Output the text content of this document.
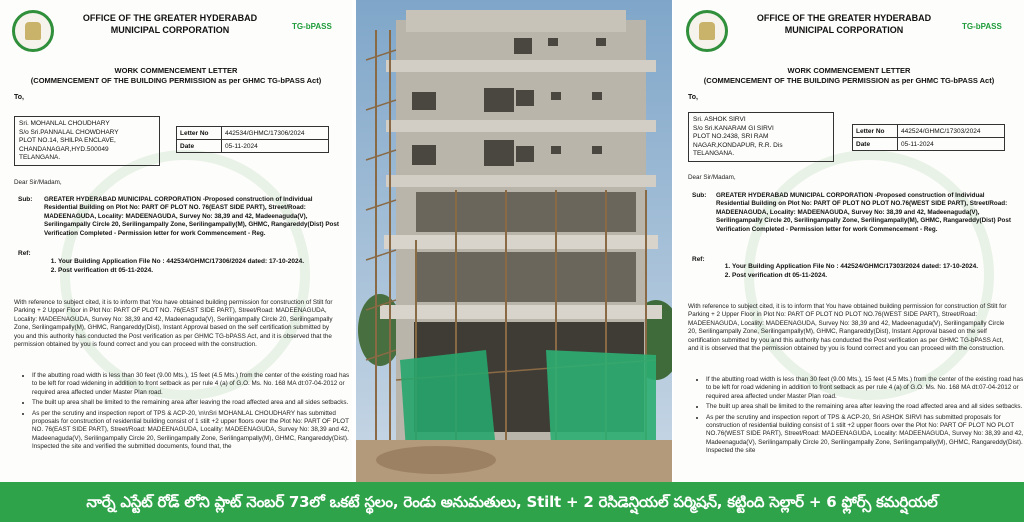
OFFICE OF THE GREATER HYDERABAD MUNICIPAL CORPORATION	TG-bPASS
WORK COMMENCEMENT LETTER
(COMMENCEMENT OF THE BUILDING PERMISSION as per GHMC TG-bPASS Act)
To,
Sri. MOHANLAL CHOUDHARY
S/o Sri.PANNALAL CHOWDHARY
PLOT NO.14, SHILPA ENCLAVE,
CHANDANAGAR,HYD.500049
TELANGANA.
Letter No	442534/GHMC/17306/2024
Date	05-11-2024
Dear Sir/Madam,
Sub: GREATER HYDERABAD MUNICIPAL CORPORATION -Proposed construction of Individual Residential Building on Plot No: PART OF PLOT NO. 76(EAST SIDE PART), Street/Road: MADEENAGUDA, Locality: MADEENAGUDA, Survey No: 38,39 and 42, Madeenaguda(V), Serilingampally Circle 20, Serilingampally Zone, Serilingampally(M), GHMC, Rangareddy(Dist) Post Verification Completed - Permission letter for work Commencement - Reg.
Ref:
1. Your Building Application File No : 442534/GHMC/17306/2024 dated: 17-10-2024.
2. Post verification dt 05-11-2024.
With reference to subject cited, it is to inform that You have obtained building permission for construction of Stilt for Parking + 2 Upper Floor in Plot No: PART OF PLOT NO. 76(EAST SIDE PART), Street/Road: MADEENAGUDA, Locality: MADEENAGUDA, Survey No: 38,39 and 42, Madeenaguda(V), Serilingampally Circle 20, Serilingampally Zone, Serilingampally(M), GHMC, Rangareddy(Dist), Instant Approval based on the self certification submitted by you and this authority has conducted the Post verification as per GHMC TG-bPASS Act, and it is observed that the permission obtained by you is found correct and you can proceed with the construction.
• If the abutting road width is less than 30 feet (9.00 Mts.), 15 feet (4.5 Mts.) from the center of the existing road has to be left for road widening in addition to front setback as per rule 4 (a) of G.O. Ms. No. 168 MA dt:07-04-2012 or required area affected under Master Plan road.
• The built up area shall be limited to the remaining area after leaving the road affected area and all sides setbacks.
• As per the scrutiny and inspection report of TPS & ACP-20, \n\nSri MOHANLAL CHOUDHARY has submitted proposals for construction of residential building consist of 1 stilt +2 upper floors over the Plot No: PART OF PLOT NO. 76(EAST SIDE PART), Street/Road: MADEENAGUDA, Locality: MADEENAGUDA, Survey No: 38,39 and 42, Madeenaguda(V), Serilingampally Circle 20, Serilingampally Zone, Serilingampally(M), GHMC, Rangareddy(Dist). Inspected the site and verified the submitted documents, found that, the
OFFICE OF THE GREATER HYDERABAD MUNICIPAL CORPORATION	TG-bPASS
WORK COMMENCEMENT LETTER
(COMMENCEMENT OF THE BUILDING PERMISSION as per GHMC TG-bPASS Act)
To,
Sri. ASHOK SIRVI
S/o Sri.KANARAM GI SIRVI
PLOT NO.2438, SRI RAM
NAGAR,KONDAPUR, R.R. Dis
TELANGANA.
Letter No	442524/GHMC/17303/2024
Date	05-11-2024
Dear Sir/Madam,
Sub: GREATER HYDERABAD MUNICIPAL CORPORATION -Proposed construction of Individual Residential Building on Plot No: PART OF PLOT NO PLOT NO.76(WEST SIDE PART), Street/Road: MADEENAGUDA, Locality: MADEENAGUDA, Survey No: 38,39 and 42, Madeenaguda(V), Serilingampally Circle 20, Serilingampally Zone, Serilingampally(M), GHMC, Rangareddy(Dist) Post Verification Completed - Permission letter for work Commencement - Reg.
Ref:
1. Your Building Application File No : 442524/GHMC/17303/2024 dated: 17-10-2024.
2. Post verification dt 05-11-2024.
With reference to subject cited, it is to inform that You have obtained building permission for construction of Stilt for Parking + 2 Upper Floor in Plot No: PART OF PLOT NO PLOT NO.76(WEST SIDE PART), Street/Road: MADEENAGUDA, Locality: MADEENAGUDA, Survey No: 38,39 and 42, Madeenaguda(V), Serilingampally Circle 20, Serilingampally Zone, Serilingampally(M), GHMC, Rangareddy(Dist), Instant Approval based on the self certification submitted by you and this authority has conducted the Post verification as per GHMC TG-bPASS Act, and it is observed that the permission obtained by you is found correct and you can proceed with the construction.
• If the abutting road width is less than 30 feet (9.00 Mts.), 15 feet (4.5 Mts.) from the center of the existing road has to be left for road widening in addition to front setback as per rule 4 (a) of G.O. Ms. No. 168 MA dt:07-04-2012 or required area affected under Master Plan road.
• The built up area shall be limited to the remaining area after leaving the road affected area and all sides setbacks.
• As per the scrutiny and inspection report of TPS & ACP-20, Sri ASHOK SIRVI has submitted proposals for construction of residential building consist of 1 stilt +2 upper floors over the Plot No: PART OF PLOT NO PLOT NO.76(WEST SIDE PART), Street/Road: MADEENAGUDA, Locality: MADEENAGUDA, Survey No: 38,39 and 42, Madeenaguda(V), Serilingampally Circle 20, Serilingampally Zone, Serilingampally(M), GHMC, Rangareddy(Dist). Inspected the site
నార్నే ఎస్టేట్ రోడ్ లోని ప్లాట్ నెంబర్ 73లో ఒకటే స్థలం, రెండు అనుమతులు, Stilt + 2 రెసిడెన్షియల్ పర్మిషన్, కట్టింది సెల్లార్ + 6 ఫ్లోర్స్ కమర్షియల్
